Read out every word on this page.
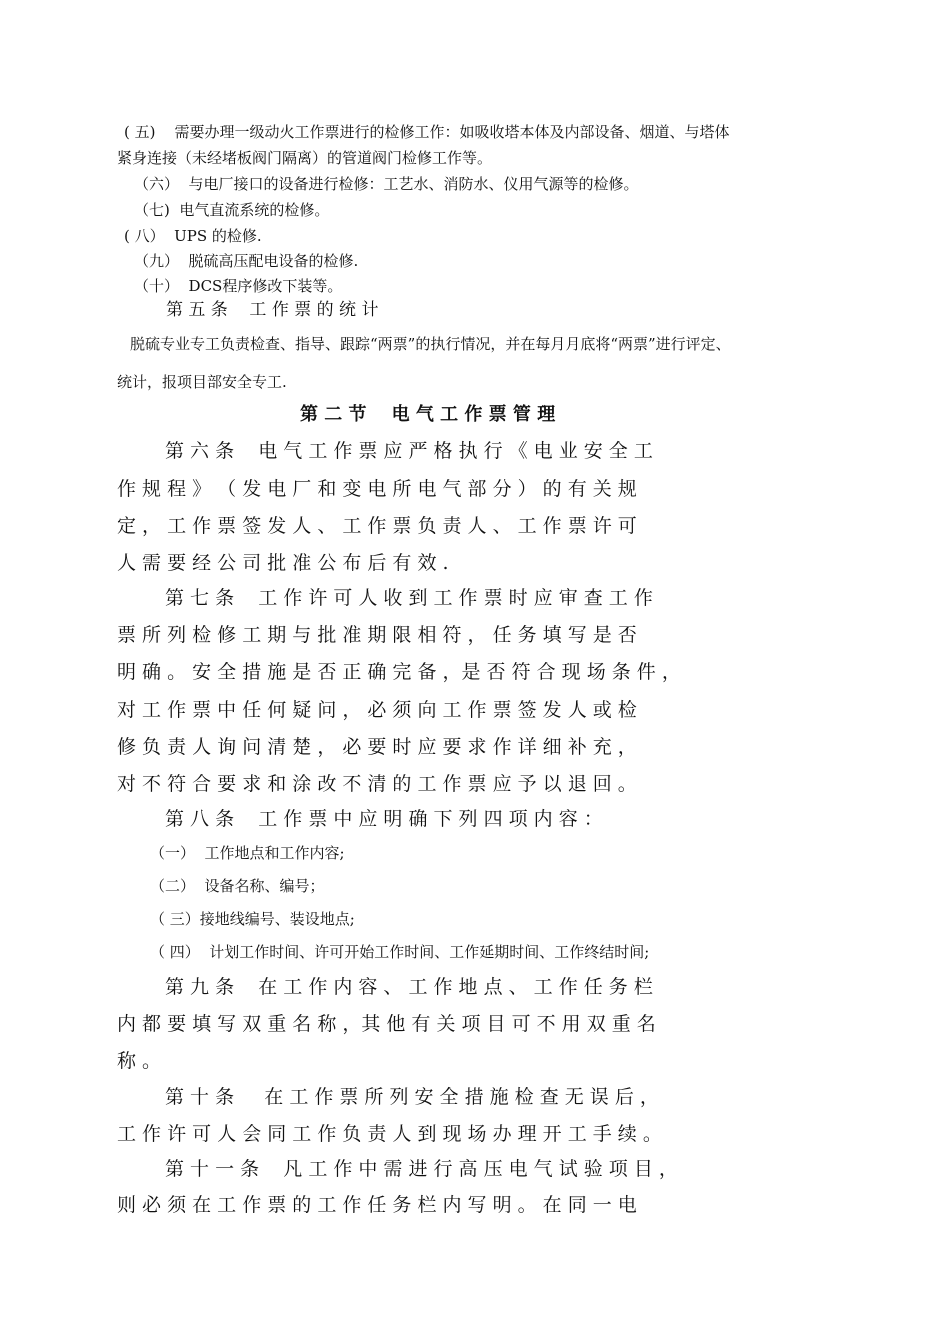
( 五)    需要办理一级动火工作票进行的检修工作：如吸收塔本体及内部设备、烟道、与塔体
紧身连接（未经堵板阀门隔离）的管道阀门检修工作等。
（六）  与电厂接口的设备进行检修：工艺水、消防水、仪用气源等的检修。
（七)  电气直流系统的检修。
( 八）  UPS 的检修.
（九）  脱硫高压配电设备的检修.
（十）  DCS程序修改下装等。
第 五 条    工 作 票 的 统 计
脱硫专业专工负责检查、指导、跟踪“两票”的执行情况，并在每月月底将“两票”进行评定、
统计，报项目部安全专工.
第 二 节    电 气 工 作 票 管 理
第 六 条    电 气 工 作 票 应 严 格 执 行 《 电 业 安 全 工
作 规 程 》 （ 发 电 厂 和 变 电 所 电 气 部 分 ） 的 有 关 规
定 ， 工 作 票 签 发 人 、 工 作 票 负 责 人 、 工 作 票 许 可
人 需 要 经 公 司 批 准 公 布 后 有 效 .
第 七 条    工 作 许 可 人 收 到 工 作 票 时 应 审 查 工 作
票 所 列 检 修 工 期 与 批 准 期 限 相 符 ， 任 务 填 写 是 否
明 确 。 安 全 措 施 是 否 正 确 完 备 ，是 否 符 合 现 场 条 件 ，
对 工 作 票 中 任 何 疑 问 ， 必 须 向 工 作 票 签 发 人 或 检
修 负 责 人 询 问 清 楚 ， 必 要 时 应 要 求 作 详 细 补 充 ，
对 不 符 合 要 求 和 涂 改 不 清 的 工 作 票 应 予 以 退 回 。
第 八 条    工 作 票 中 应 明 确 下 列 四 项 内 容 ：
（一）  工作地点和工作内容;
（二）  设备名称、编号；
（ 三）接地线编号、装设地点;
（ 四）  计划工作时间、许可开始工作时间、工作延期时间、工作终结时间;
第 九 条    在 工 作 内 容 、 工 作 地 点 、 工 作 任 务 栏
内 都 要 填 写 双 重 名 称 ，其 他 有 关 项 目 可 不 用 双 重 名
称 。
第 十 条     在 工 作 票 所 列 安 全 措 施 检 查 无 误 后 ，
工 作 许 可 人 会 同 工 作 负 责 人 到 现 场 办 理 开 工 手 续 。
第 十 一 条    凡 工 作 中 需 进 行 高 压 电 气 试 验 项 目 ，
则 必 须 在 工 作 票 的 工 作 任 务 栏 内 写 明 。 在 同 一 电
